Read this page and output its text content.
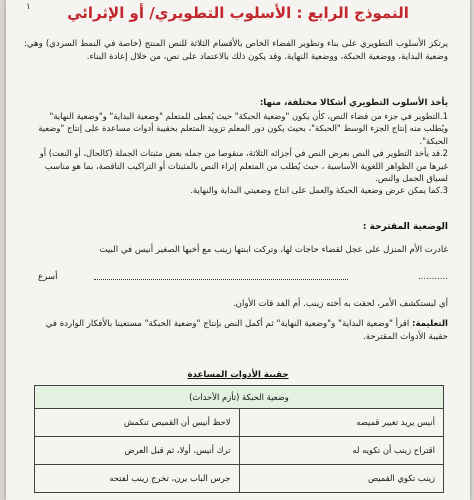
١	النموذج الرابع : الأسلوب التطويري/ أو الإثرائي
يرتكز الأسلوب التطويري على بناء وتطوير الفضاء الخاص بالأقسام الثلاثة للنص المنتج (خاصة في النمط السردي) وهي: وضعية البداية، ووضعية الحبكة، ووضعية النهاية. وقد يكون ذلك بالاعتماد على نص، من خلال إعادة البناء.
يأخذ الأسلوب التطويري أشكالا مختلفة، منها:
1.التطوير في جزء من فضاء النص، كأن يكون "وضعية الحبكة" حيث يُعطى للمتعلم "وضعية البداية" و"وضعية النهاية" ويُطلب منه إنتاج الجزء الوسط "الحبكة"، بحيث يكون دور المعلم تزويد المتعلم بحقيبة أدوات مساعدة على إنتاج "وضعية الحبكة".
2.قد يأخذ التطوير في النص بعرض النص في أجزائه الثلاثة، منقوصا من جمله بعض مثبتات الجملة (كالحال، أو النعت) أو غيرها من الظواهر اللغوية الأساسية ، حيث يُطلب من المتعلم إثراء النص بالمثبتات أو التراكيب الناقصة، بما هو مناسب لسياق الجمل والنص.
3.كما يمكن عرض وضعية الحبكة والعمل على انتاج وضعيتي البداية والنهاية.
الوضعية المقترحة :
غادرت الأم المنزل على عجل لقضاء حاجات لها، وتركت ابنتها زينب مع أخيها الصغير أنيس في البيت
...........
أسرع
أي لبستكشف الأمر، لحقت به أخته زينب. أم الفد قات الأوان.
التعليمة: اقرأ "وضعية البداية" و"وضعية النهاية" ثم أكمل النص بإنتاج "وضعية الحبكة" مستعينا بالأفكار الواردة في حقيبة الأدوات المقترحة.
حقيبة الأدوات المساعدة
وضعية الحبكة (تأزم الأحداث)
أنيس يريد تغيير قميصه
لاحظ أنيس أن القميص تنكمش
اقتراح زينب أن تكويه له
ترك أنيس، أولا، ثم قبل العرض
زينب تكوي القميص
جرس الباب يرن، تخرج زينب لفتحه
